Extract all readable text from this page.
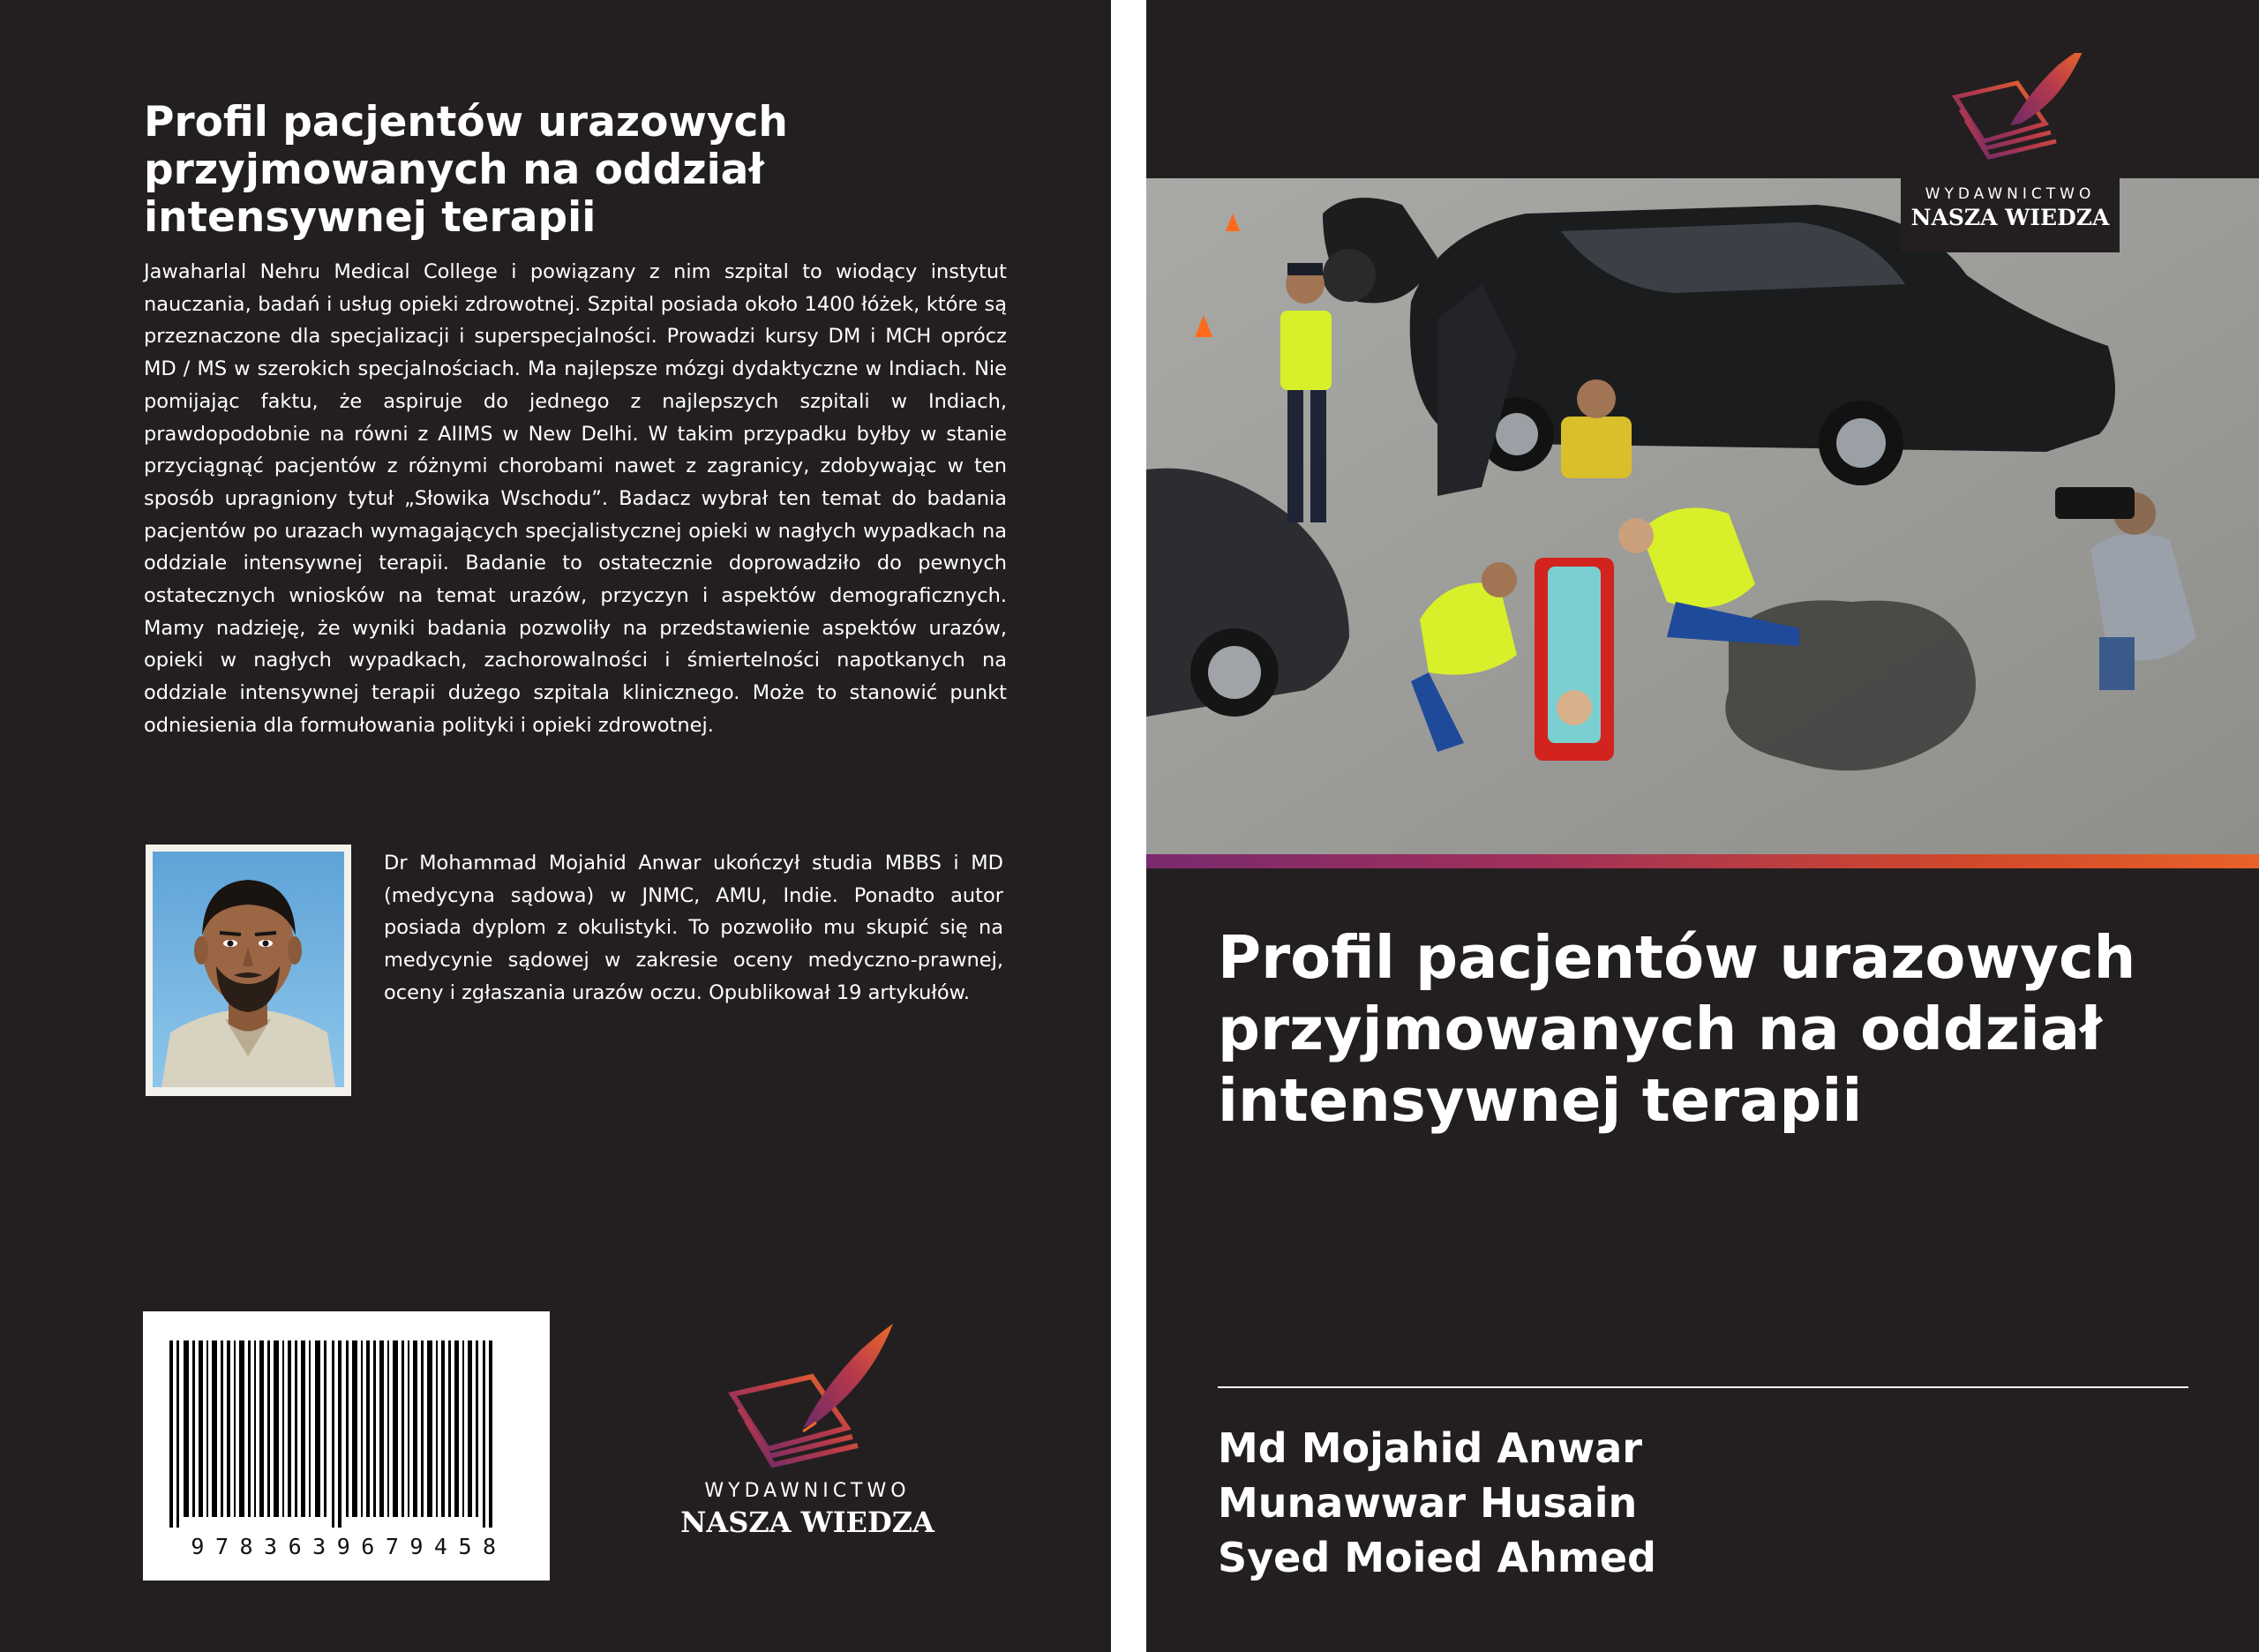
Profil pacjentów urazowych przyjmowanych na oddział intensywnej terapii

Jawaharlal Nehru Medical College i powiązany z nim szpital to wiodący instytut nauczania, badań i usług opieki zdrowotnej. Szpital posiada około 1400 łóżek, które są przeznaczone dla specjalizacji i superspecjalności. Prowadzi kursy DM i MCH oprócz MD / MS w szerokich specjalnościach. Ma najlepsze mózgi dydaktyczne w Indiach. Nie pomijając faktu, że aspiruje do jednego z najlepszych szpitali w Indiach, prawdopodobnie na równi z AIIMS w New Delhi. W takim przypadku byłby w stanie przyciągnąć pacjentów z różnymi chorobami nawet z zagranicy, zdobywając w ten sposób upragniony tytuł „Słowika Wschodu”. Badacz wybrał ten temat do badania pacjentów po urazach wymagających specjalistycznej opieki w nagłych wypadkach na oddziale intensywnej terapii. Badanie to ostatecznie doprowadziło do pewnych ostatecznych wniosków na temat urazów, przyczyn i aspektów demograficznych. Mamy nadzieję, że wyniki badania pozwoliły na przedstawienie aspektów urazów, opieki w nagłych wypadkach, zachorowalności i śmiertelności napotkanych na oddziale intensywnej terapii dużego szpitala klinicznego. Może to stanowić punkt odniesienia dla formułowania polityki i opieki zdrowotnej.

Dr Mohammad Mojahid Anwar ukończył studia MBBS i MD (medycyna sądowa) w JNMC, AMU, Indie. Ponadto autor posiada dyplom z okulistyki. To pozwoliło mu skupić się na medycynie sądowej w zakresie oceny medyczno-prawnej, oceny i zgłaszania urazów oczu. Opublikował 19 artykułów.

9783639679458
WYDAWNICTWO
NASZA WIEDZA
WYDAWNICTWO
NASZA WIEDZA
Profil pacjentów urazowych przyjmowanych na oddział intensywnej terapii
Md Mojahid Anwar
Munawwar Husain
Syed Moied Ahmed
